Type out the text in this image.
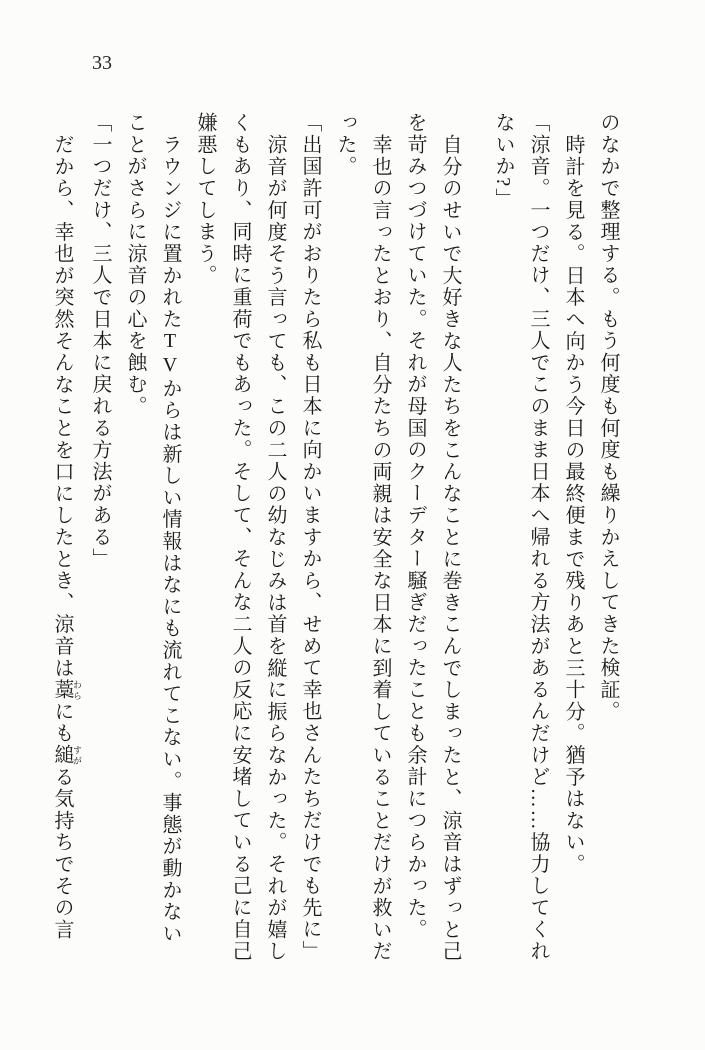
33

のなかで整理する。もう何度も何度も繰りかえしてきた検証。

時計を見る。日本へ向かう今日の最終便まで残りあと三十分。猶予はない。

「涼音。一つだけ、三人でこのまま日本へ帰れる方法があるんだけど……協力してくれないか?」

自分のせいで大好きな人たちをこんなことに巻きこんでしまったと、涼音はずっと己を苛みつづけていた。それが母国のクーデター騒ぎだったことも余計につらかった。

幸也の言ったとおり、自分たちの両親は安全な日本に到着していることだけが救いだった。

「出国許可がおりたら私も日本に向かいますから、せめて幸也さんたちだけでも先に」

涼音が何度そう言っても、この二人の幼なじみは首を縦に振らなかった。それが嬉しくもあり、同時に重荷でもあった。そして、そんな二人の反応に安堵している己に自己嫌悪してしまう。

ラウンジに置かれたTVからは新しい情報はなにも流れてこない。事態が動かないことがさらに涼音の心を蝕む。

「一つだけ、三人で日本に戻れる方法がある」

だから、幸也が突然そんなことを口にしたとき、涼音は藁 わらにも縋 すがる気持ちでその言
